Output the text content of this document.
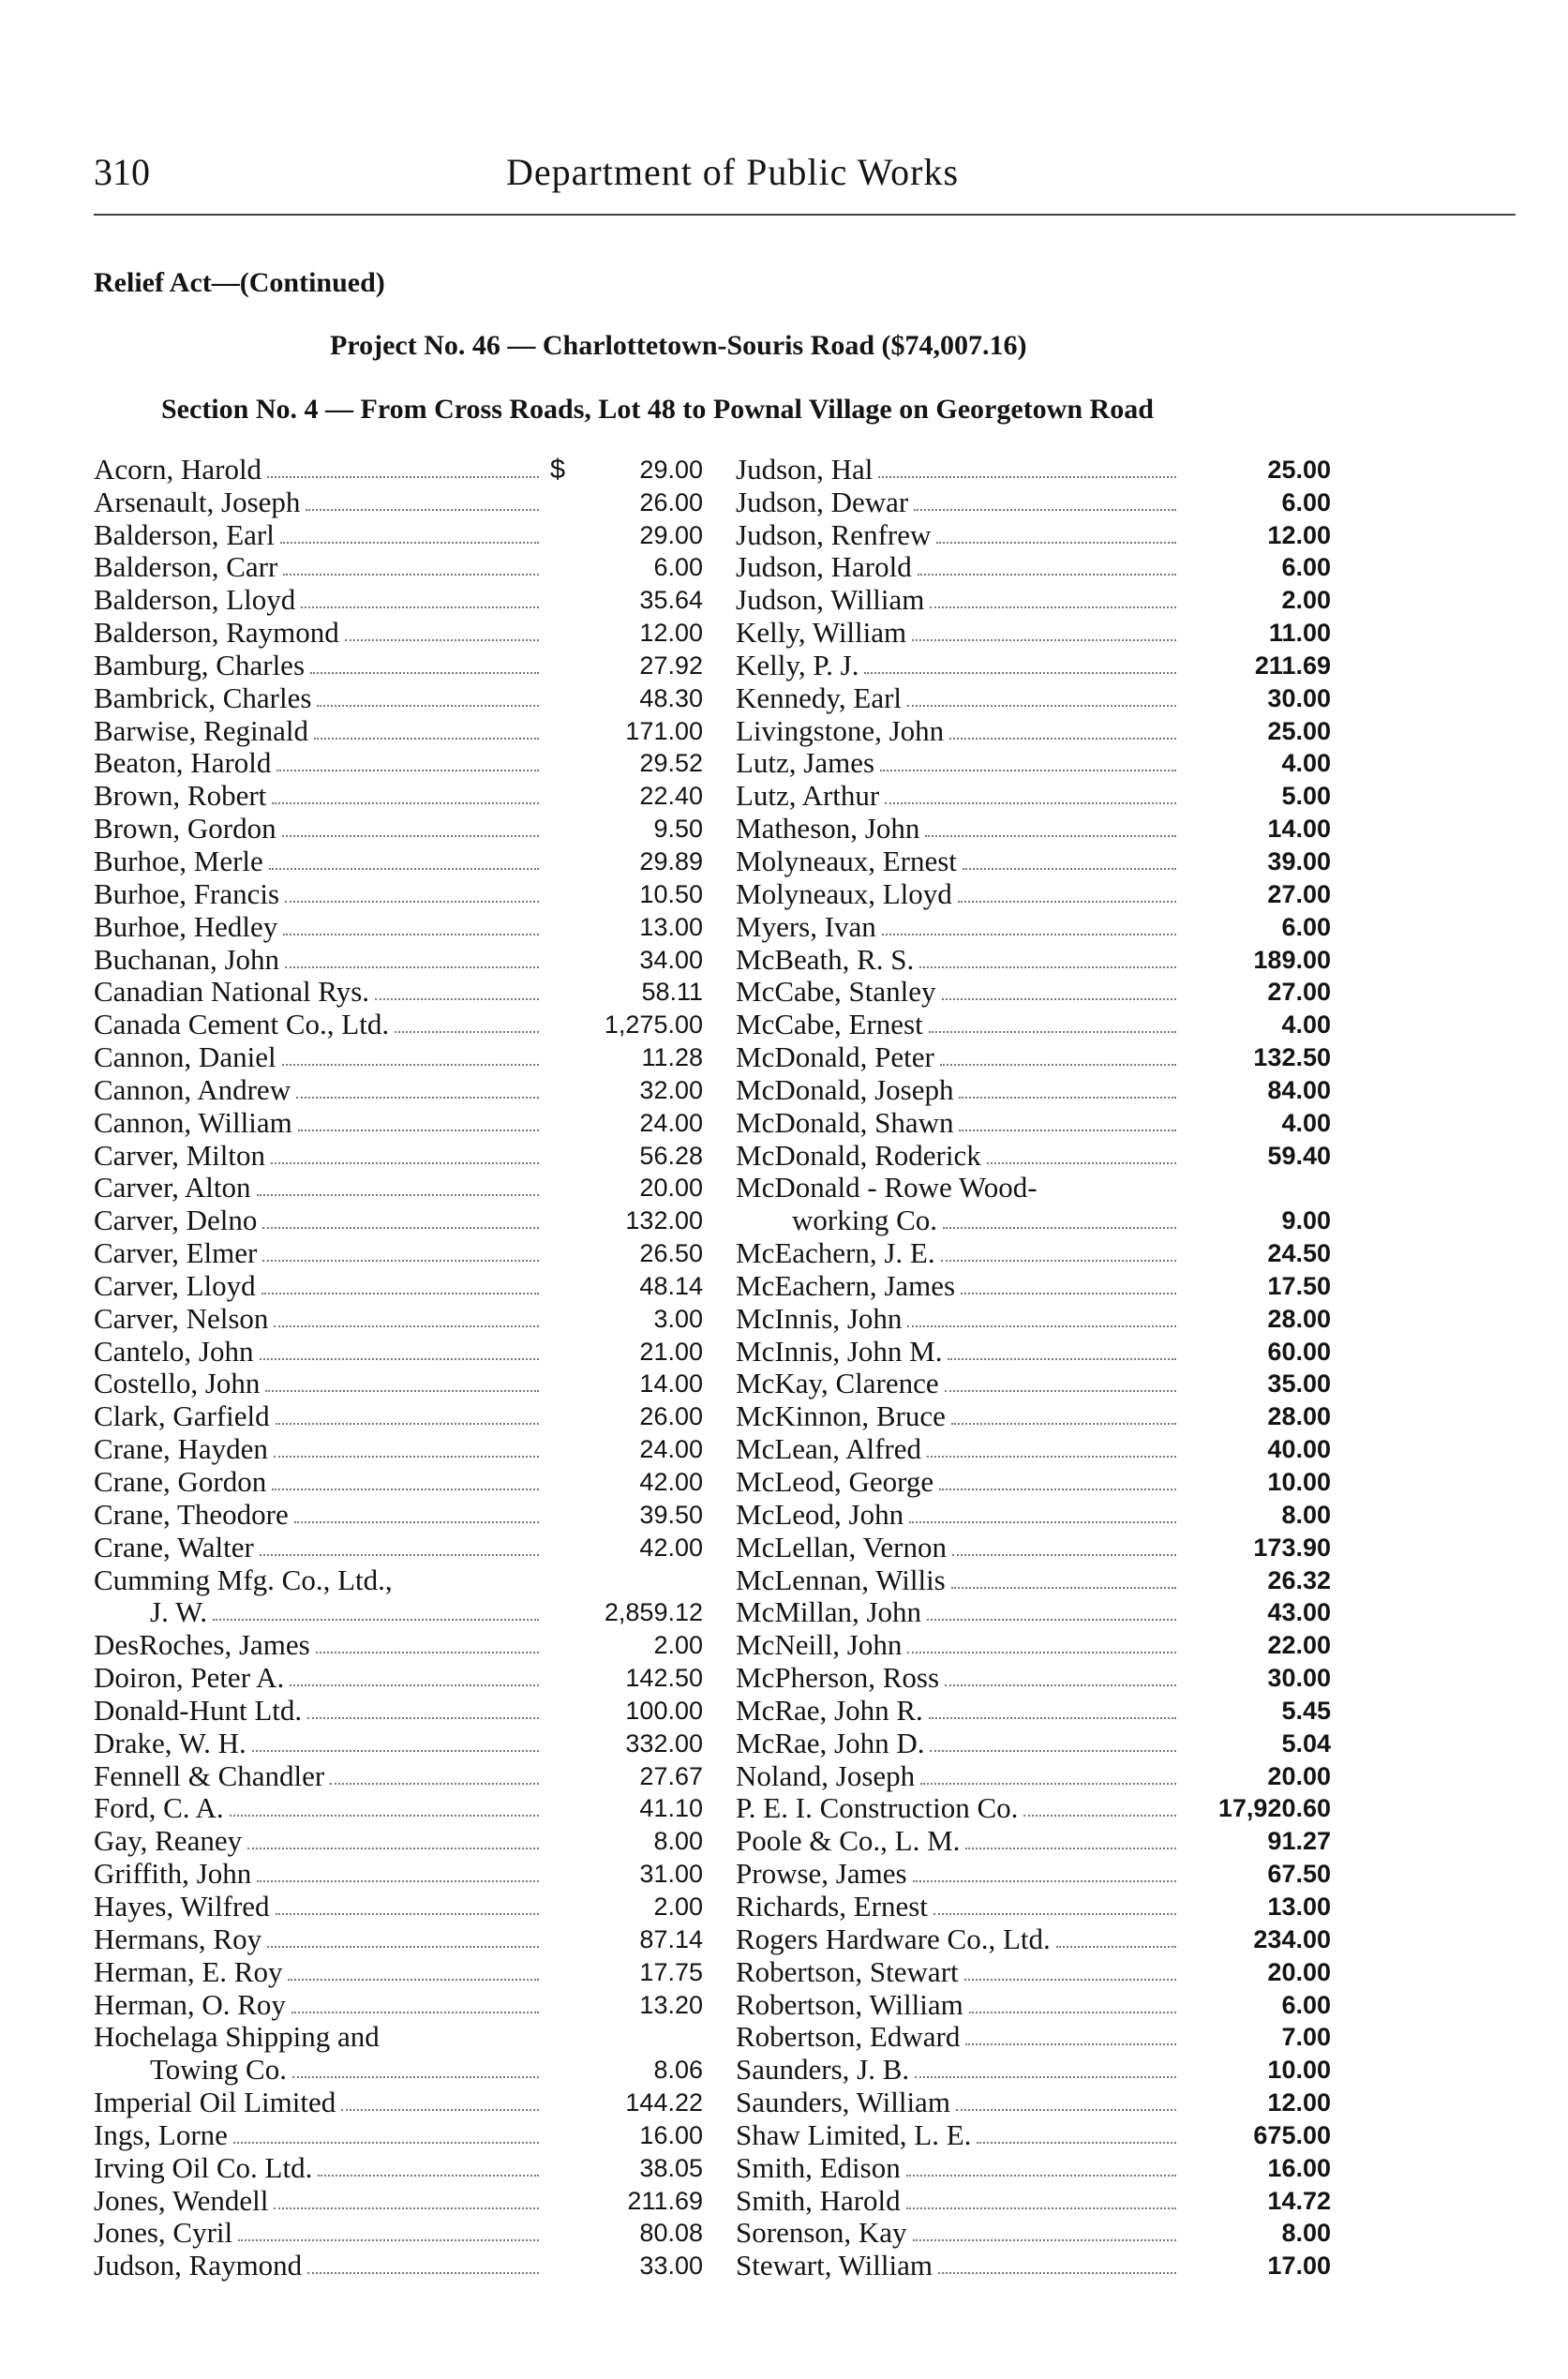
310	Department of Public Works
Relief Act—(Continued)
Project No. 46 — Charlottetown-Souris Road ($74,007.16)
Section No. 4 — From Cross Roads, Lot 48 to Pownal Village on Georgetown Road
Acorn, Harold	$	29.00
Arsenault, Joseph	26.00
Balderson, Earl	29.00
Balderson, Carr	6.00
Balderson, Lloyd	35.64
Balderson, Raymond	12.00
Bamburg, Charles	27.92
Bambrick, Charles	48.30
Barwise, Reginald	171.00
Beaton, Harold	29.52
Brown, Robert	22.40
Brown, Gordon	9.50
Burhoe, Merle	29.89
Burhoe, Francis	10.50
Burhoe, Hedley	13.00
Buchanan, John	34.00
Canadian National Rys.	58.11
Canada Cement Co., Ltd.	1,275.00
Cannon, Daniel	11.28
Cannon, Andrew	32.00
Cannon, William	24.00
Carver, Milton	56.28
Carver, Alton	20.00
Carver, Delno	132.00
Carver, Elmer	26.50
Carver, Lloyd	48.14
Carver, Nelson	3.00
Cantelo, John	21.00
Costello, John	14.00
Clark, Garfield	26.00
Crane, Hayden	24.00
Crane, Gordon	42.00
Crane, Theodore	39.50
Crane, Walter	42.00
Cumming Mfg. Co., Ltd.,
J. W.	2,859.12
DesRoches, James	2.00
Doiron, Peter A.	142.50
Donald-Hunt Ltd.	100.00
Drake, W. H.	332.00
Fennell & Chandler	27.67
Ford, C. A.	41.10
Gay, Reaney	8.00
Griffith, John	31.00
Hayes, Wilfred	2.00
Hermans, Roy	87.14
Herman, E. Roy	17.75
Herman, O. Roy	13.20
Hochelaga Shipping and
Towing Co.	8.06
Imperial Oil Limited	144.22
Ings, Lorne	16.00
Irving Oil Co. Ltd.	38.05
Jones, Wendell	211.69
Jones, Cyril	80.08
Judson, Raymond	33.00
Judson, Hal	25.00
Judson, Dewar	6.00
Judson, Renfrew	12.00
Judson, Harold	6.00
Judson, William	2.00
Kelly, William	11.00
Kelly, P. J.	211.69
Kennedy, Earl	30.00
Livingstone, John	25.00
Lutz, James	4.00
Lutz, Arthur	5.00
Matheson, John	14.00
Molyneaux, Ernest	39.00
Molyneaux, Lloyd	27.00
Myers, Ivan	6.00
McBeath, R. S.	189.00
McCabe, Stanley	27.00
McCabe, Ernest	4.00
McDonald, Peter	132.50
McDonald, Joseph	84.00
McDonald, Shawn	4.00
McDonald, Roderick	59.40
McDonald - Rowe Wood-
working Co.	9.00
McEachern, J. E.	24.50
McEachern, James	17.50
McInnis, John	28.00
McInnis, John M.	60.00
McKay, Clarence	35.00
McKinnon, Bruce	28.00
McLean, Alfred	40.00
McLeod, George	10.00
McLeod, John	8.00
McLellan, Vernon	173.90
McLennan, Willis	26.32
McMillan, John	43.00
McNeill, John	22.00
McPherson, Ross	30.00
McRae, John R.	5.45
McRae, John D.	5.04
Noland, Joseph	20.00
P. E. I. Construction Co.	17,920.60
Poole & Co., L. M.	91.27
Prowse, James	67.50
Richards, Ernest	13.00
Rogers Hardware Co., Ltd.	234.00
Robertson, Stewart	20.00
Robertson, William	6.00
Robertson, Edward	7.00
Saunders, J. B.	10.00
Saunders, William	12.00
Shaw Limited, L. E.	675.00
Smith, Edison	16.00
Smith, Harold	14.72
Sorenson, Kay	8.00
Stewart, William	17.00
